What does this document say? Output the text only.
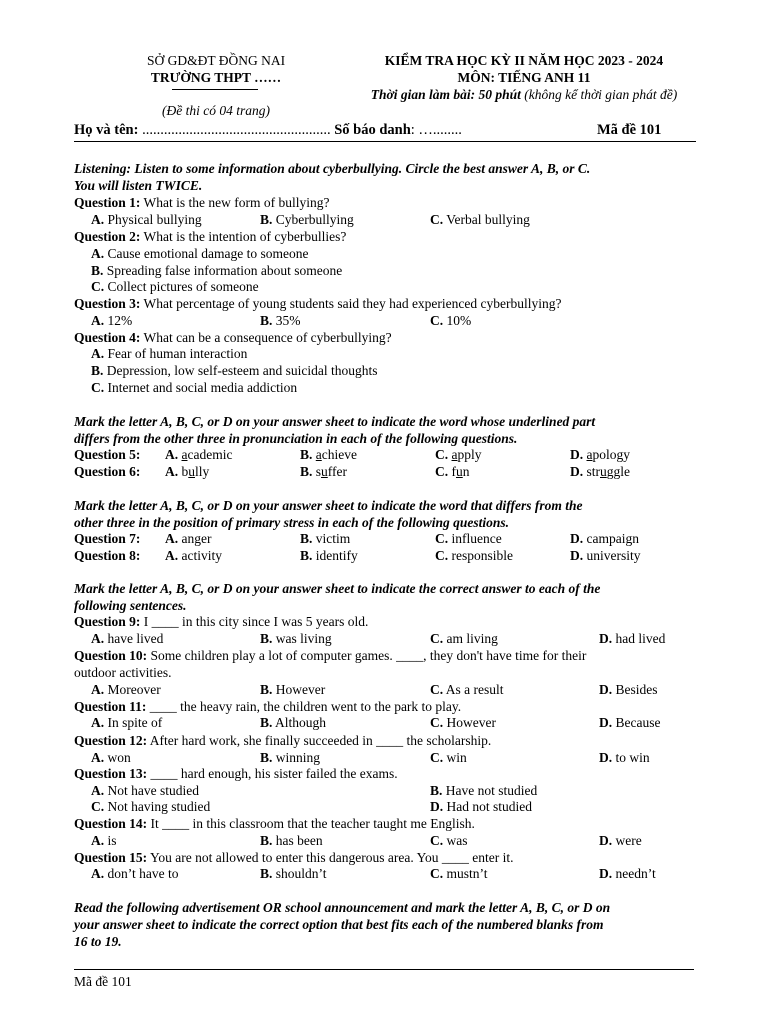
SỞ GD&ĐT ĐỒNG NAI
TRƯỜNG THPT ……
(Đề thi có 04 trang)
KIỂM TRA HỌC KỲ II NĂM HỌC 2023 - 2024
MÔN: TIẾNG ANH 11
Thời gian làm bài: 50 phút (không kể thời gian phát đề)
Họ và tên: .................................................... Số báo danh: …........	Mã đề 101
Listening: Listen to some information about cyberbullying. Circle the best answer A, B, or C.
You will listen TWICE.
Question 1: What is the new form of bullying?
A. Physical bullying	B. Cyberbullying	C. Verbal bullying
Question 2: What is the intention of cyberbullies?
A. Cause emotional damage to someone
B. Spreading false information about someone
C. Collect pictures of someone
Question 3: What percentage of young students said they had experienced cyberbullying?
A. 12%	B. 35%	C. 10%
Question 4: What can be a consequence of cyberbullying?
A. Fear of human interaction
B. Depression, low self-esteem and suicidal thoughts
C. Internet and social media addiction
Mark the letter A, B, C, or D on your answer sheet to indicate the word whose underlined part
differs from the other three in pronunciation in each of the following questions.
Question 5: A. academic	B. achieve	C. apply	D. apology
Question 6: A. bully	B. suffer	C. fun	D. struggle
Mark the letter A, B, C, or D on your answer sheet to indicate the word that differs from the
other three in the position of primary stress in each of the following questions.
Question 7: A. anger	B. victim	C. influence	D. campaign
Question 8: A. activity	B. identify	C. responsible	D. university
Mark the letter A, B, C, or D on your answer sheet to indicate the correct answer to each of the
following sentences.
Question 9: I ____ in this city since I was 5 years old.
A. have lived	B. was living	C. am living	D. had lived
Question 10: Some children play a lot of computer games. ____, they don't have time for their
outdoor activities.
A. Moreover	B. However	C. As a result	D. Besides
Question 11: ____ the heavy rain, the children went to the park to play.
A. In spite of	B. Although	C. However	D. Because
Question 12: After hard work, she finally succeeded in ____ the scholarship.
A. won	B. winning	C. win	D. to win
Question 13: ____ hard enough, his sister failed the exams.
A. Not have studied	B. Have not studied
C. Not having studied	D. Had not studied
Question 14: It ____ in this classroom that the teacher taught me English.
A. is	B. has been	C. was	D. were
Question 15: You are not allowed to enter this dangerous area. You ____ enter it.
A. don’t have to	B. shouldn’t	C. mustn’t	D. needn’t
Read the following advertisement OR school announcement and mark the letter A, B, C, or D on
your answer sheet to indicate the correct option that best fits each of the numbered blanks from
16 to 19.
Mã đề 101
